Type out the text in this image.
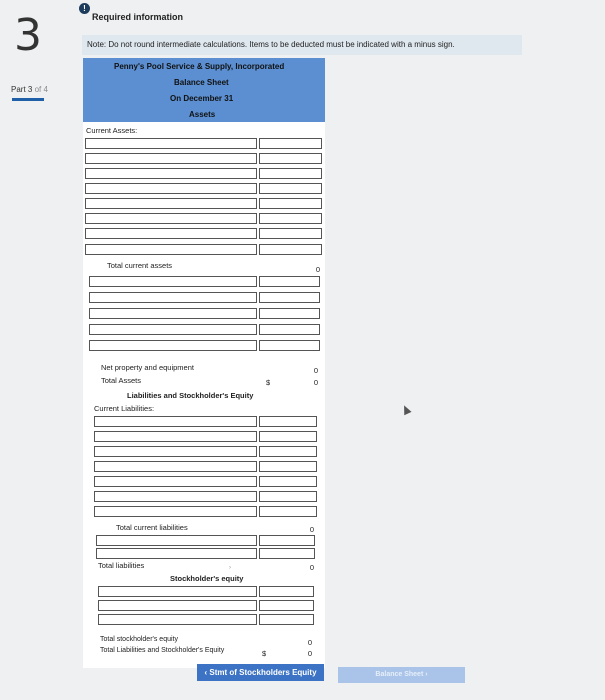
3
Part 3 of 4
!
Required information
Note: Do not round intermediate calculations. Items to be deducted must be indicated with a minus sign.
Penny's Pool Service & Supply, Incorporated
Balance Sheet
On December 31
Assets
Current Assets:
Total current assets	0
Net property and equipment	0
Total Assets	$	0
Liabilities and Stockholder's Equity
Current Liabilities:
Total current liabilities	0
Total liabilities	0
›
Stockholder's equity
Total stockholder's equity	0
Total Liabilities and Stockholder's Equity	$	0
‹ Stmt of Stockholders Equity	Balance Sheet ›
